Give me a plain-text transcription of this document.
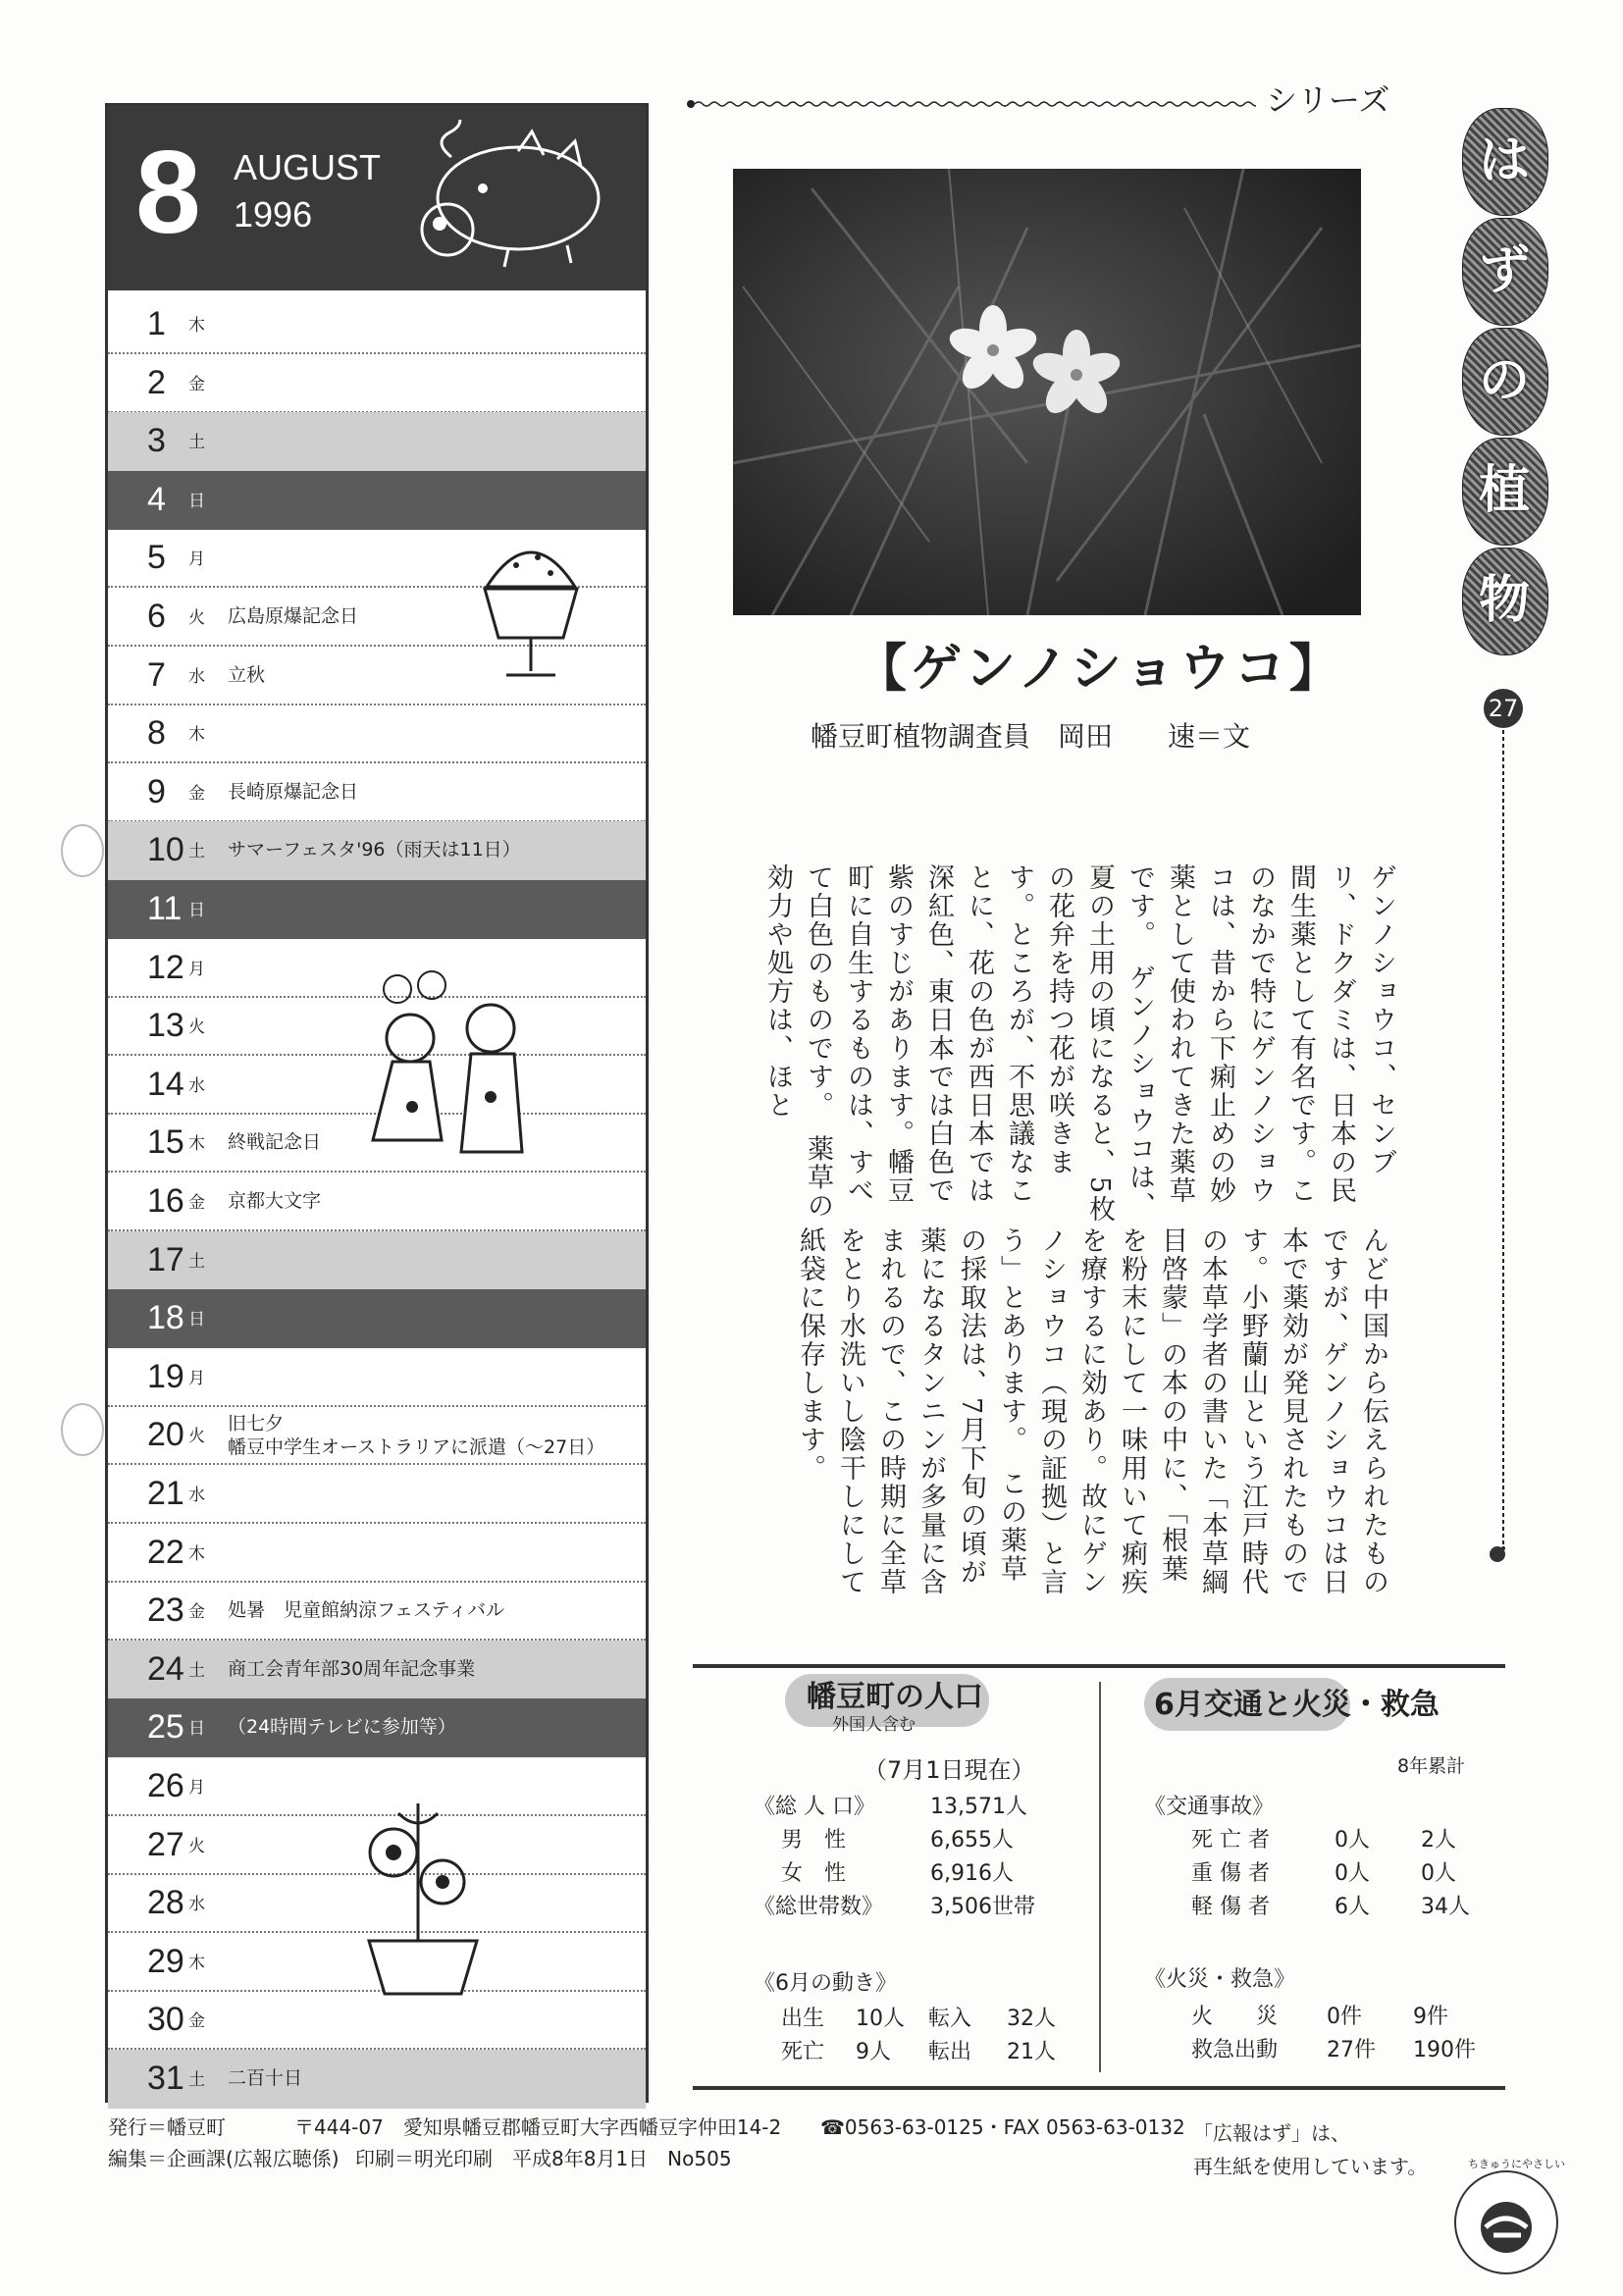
8 AUGUST
1996
1 木
2 金
3 土
4 日
5 月
6 火 広島原爆記念日
7 水 立秋
8 木
9 金 長崎原爆記念日
10 土 サマーフェスタ'96（雨天は11日）
11 日
12 月
13 火
14 水
15 木 終戦記念日
16 金 京都大文字
17 土
18 日
19 月
20 火
旧七夕
幡豆中学生オーストラリアに派遣（〜27日）
21 水
22 木
23 金 処暑　児童館納涼フェスティバル
24 土 商工会青年部30周年記念事業
25 日 （24時間テレビに参加等）
26 月
27 火
28 水
29 木
30 金
31 土 二百十日
シリーズ
は
ず
の
植
物
27
【ゲンノショウコ】
幡豆町植物調査員　岡田　　速＝文
ゲンノショウコ、センブリ、ドクダミは、日本の民間生薬として有名です。このなかで特にゲンノショウコは、昔から下痢止めの妙薬として使われてきた薬草です。　ゲンノショウコは、夏の土用の頃になると、5枚の花弁を持つ花が咲きます。ところが、不思議なことに、花の色が西日本では深紅色、東日本では白色で紫のすじがあります。幡豆町に自生するものは、すべて白色のものです。　薬草の効力や処方は、ほと
んど中国から伝えられたものですが、ゲンノショウコは日本で薬効が発見されたものです。小野蘭山という江戸時代の本草学者の書いた「本草綱目啓蒙」の本の中に、「根葉を粉末にして一味用いて痢疾を療するに効あり。故にゲンノショウコ（現の証拠）と言う」とあります。　この薬草の採取法は、7月下旬の頃が薬になるタンニンが多量に含まれるので、この時期に全草をとり水洗いし陰干しにして紙袋に保存します。
幡豆町の人口
外国人含む
（7月1日現在）
《総 人 口》	13,571人
男　性	6,655人
女　性	6,916人
《総世帯数》 3,506世帯
《6月の動き》
出生 10人 転入 32人
死亡 9人 転出 21人
6月交通と火災・救急
8年累計
《交通事故》
死 亡 者	0人 2人
重 傷 者	0人 0人
軽 傷 者	6人 34人
《火災・救急》
火　　災 0件 9件
救急出動 27件 190件
発行＝幡豆町	〒444-07　愛知県幡豆郡幡豆町大字西幡豆字仲田14-2 ☎0563-63-0125・FAX 0563-63-0132
編集＝企画課(広報広聴係) 印刷＝明光印刷　平成8年8月1日　No505
「広報はず」は、
再生紙を使用しています。	ちきゅうにやさしい
